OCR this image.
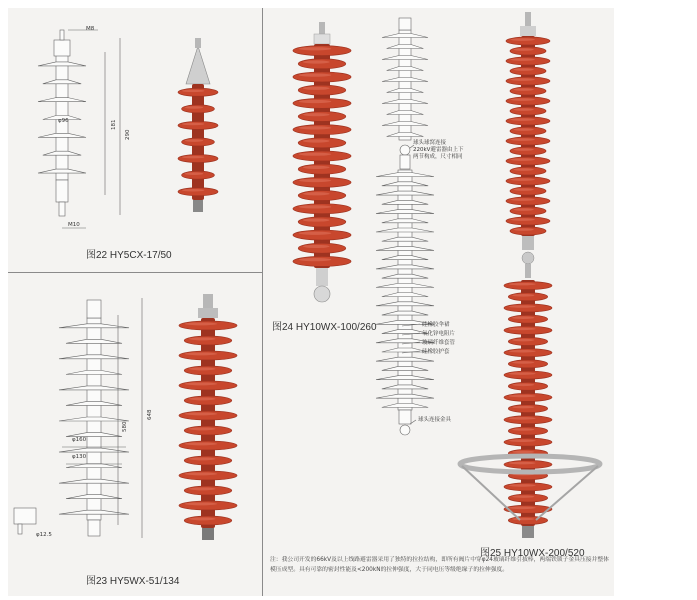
图22 HY5CX-17/50
图23 HY5WX-51/134
图24 HY10WX-100/260
图25 HY10WX-200/520
球头球窝连接
220kV避雷器由上下
两节构成，尺寸相同
硅橡胶伞裙
氧化锌电阻片
玻璃纤维套管
硅橡胶护套
球头连接金具
M8
φ96	181
290
M10
φ160
φ130
580
648
φ12.5
注：我公司开发的66kV及以上线路避雷器采用了独特的拉拉结构，即所有阀片中穿φ24玻璃纤维引拔棒，两端铁锁子金具压接并整体模压成型。具有可靠的密封性能及<200kN的拉伸强度，大于同电压等级绝缘子的拉伸强度。
